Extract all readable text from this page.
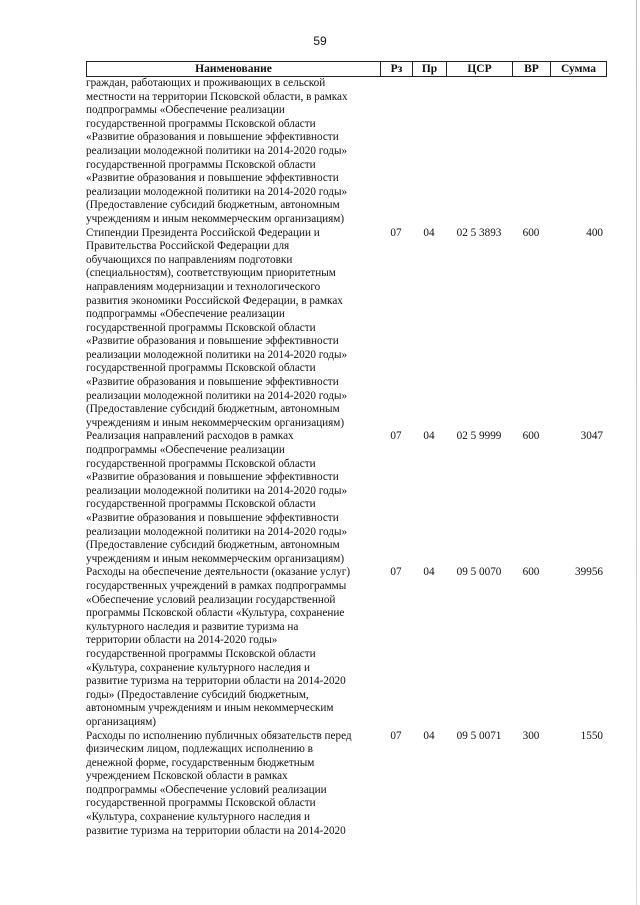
59
Наименование	Рз	Пр	ЦСР	ВР	Сумма
граждан, работающих и проживающих в сельской
местности на территории Псковской области, в рамках
подпрограммы «Обеспечение реализации
государственной программы Псковской области
«Развитие образования и повышение эффективности
реализации молодежной политики на 2014-2020 годы»
государственной программы Псковской области
«Развитие образования и повышение эффективности
реализации молодежной политики на 2014-2020 годы»
(Предоставление субсидий бюджетным, автономным
учреждениям и иным некоммерческим организациям)
Стипендии Президента Российской Федерации и
Правительства Российской Федерации для
обучающихся по направлениям подготовки
(специальностям), соответствующим приоритетным
направлениям модернизации и технологического
развития экономики Российской Федерации, в рамках
подпрограммы «Обеспечение реализации
государственной программы Псковской области
«Развитие образования и повышение эффективности
реализации молодежной политики на 2014-2020 годы»
государственной программы Псковской области
«Развитие образования и повышение эффективности
реализации молодежной политики на 2014-2020 годы»
(Предоставление субсидий бюджетным, автономным
учреждениям и иным некоммерческим организациям)
07	04	02 5 3893	600	400
Реализация направлений расходов в рамках
подпрограммы «Обеспечение реализации
государственной программы Псковской области
«Развитие образования и повышение эффективности
реализации молодежной политики на 2014-2020 годы»
государственной программы Псковской области
«Развитие образования и повышение эффективности
реализации молодежной политики на 2014-2020 годы»
(Предоставление субсидий бюджетным, автономным
учреждениям и иным некоммерческим организациям)
07	04	02 5 9999	600	3047
Расходы на обеспечение деятельности (оказание услуг)
государственных учреждений в рамках подпрограммы
«Обеспечение условий реализации государственной
программы Псковской области «Культура, сохранение
культурного наследия и развитие туризма на
территории области на 2014-2020 годы»
государственной программы Псковской области
«Культура, сохранение культурного наследия и
развитие туризма на территории области на 2014-2020
годы» (Предоставление субсидий бюджетным,
автономным учреждениям и иным некоммерческим
организациям)
07	04	09 5 0070	600	39956
Расходы по исполнению публичных обязательств перед
физическим лицом, подлежащих исполнению в
денежной форме, государственным бюджетным
учреждением Псковской области в рамках
подпрограммы «Обеспечение условий реализации
государственной программы Псковской области
«Культура, сохранение культурного наследия и
развитие туризма на территории области на 2014-2020
07	04	09 5 0071	300	1550
